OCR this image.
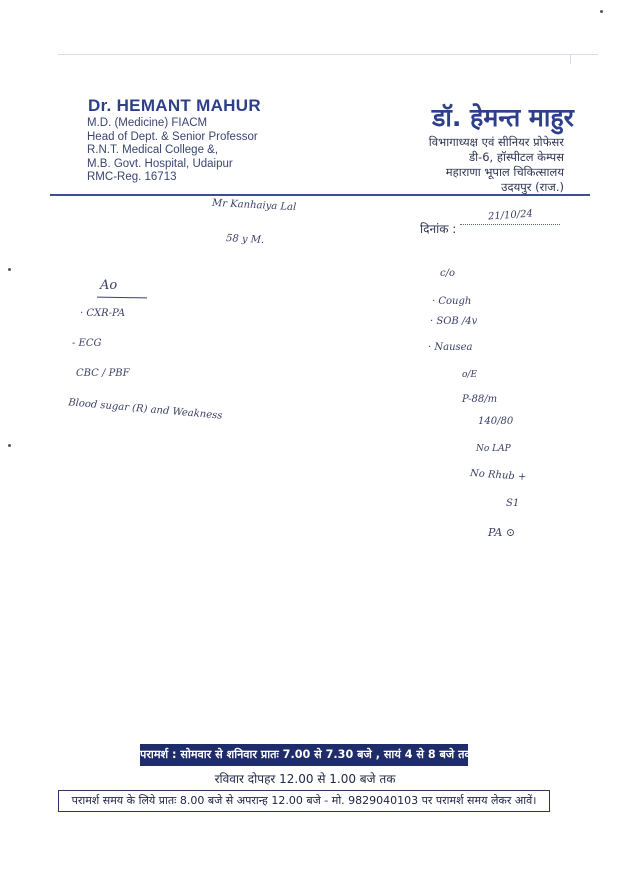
Dr. HEMANT MAHUR
M.D. (Medicine) FIACM
Head of Dept. & Senior Professor
R.N.T. Medical College &,
M.B. Govt. Hospital, Udaipur
RMC-Reg. 16713
डॉ. हेमन्त माहुर
विभागाध्यक्ष एवं सीनियर प्रोफेसर
डी-6, हॉस्पीटल केम्पस
महाराणा भूपाल चिकित्सालय
उदयपुर (राज.)
दिनांक :
Mr Kanhaiya Lal
58 y M.
21/10/24
Ao
· CXR-PA
- ECG
CBC / PBF
Blood sugar (R) and Weakness
c/o
· Cough
· SOB /4v
· Nausea
o/E
P-88/m
140/80
No LAP
No Rhub +
S1
PA ⊙
परामर्श : सोमवार से शनिवार प्रातः 7.00 से 7.30 बजे , सायं 4 से 8 बजे तक
रविवार दोपहर 12.00 से 1.00 बजे तक
परामर्श समय के लिये प्रातः 8.00 बजे से अपरान्ह 12.00 बजे - मो. 9829040103 पर परामर्श समय लेकर आवें।
